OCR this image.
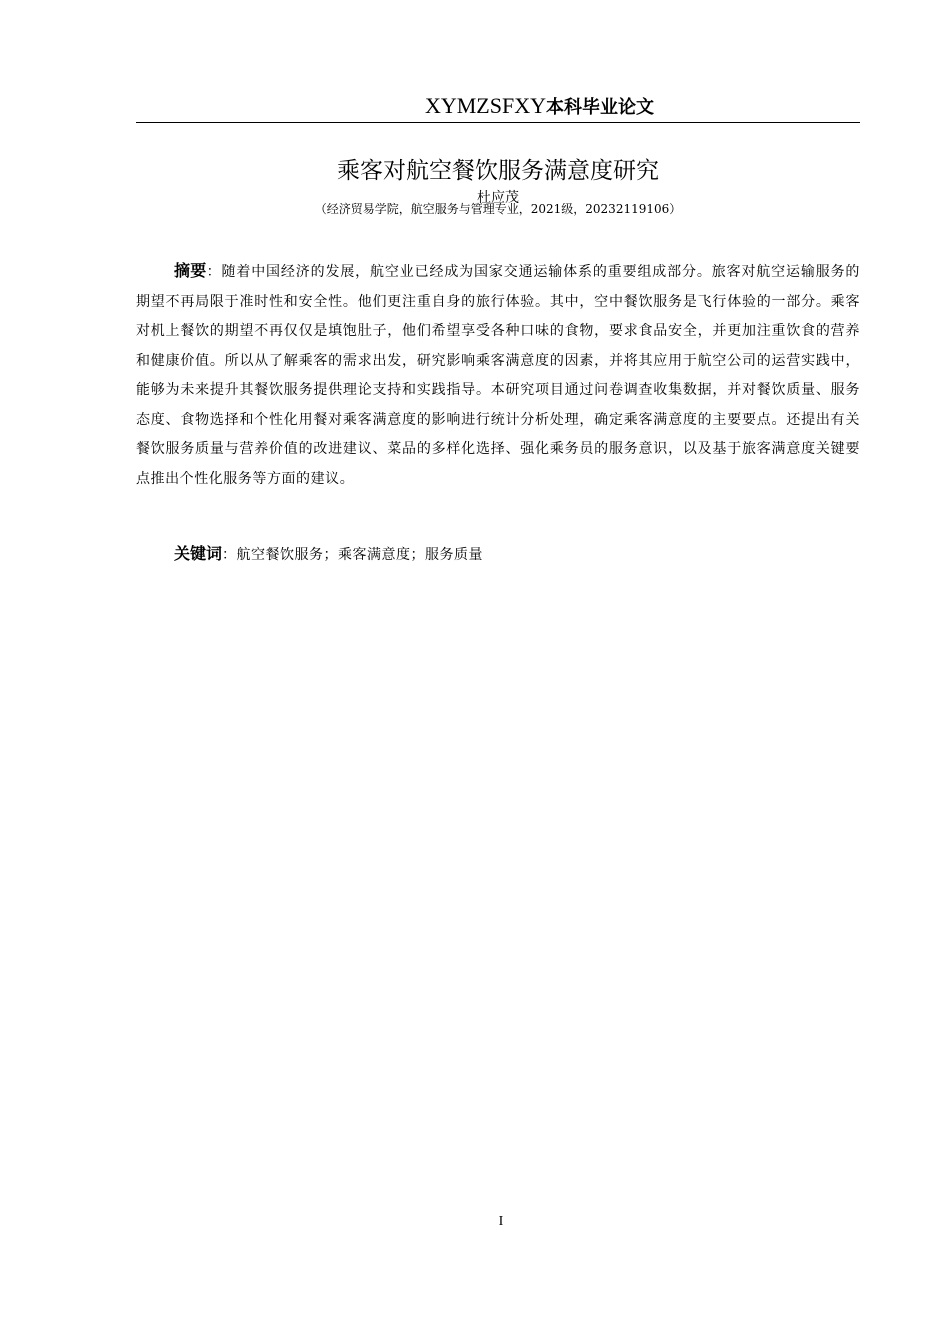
XYMZSFXY本科毕业论文
乘客对航空餐饮服务满意度研究
杜应茂
（经济贸易学院，航空服务与管理专业，2021级，20232119106）
摘要：随着中国经济的发展，航空业已经成为国家交通运输体系的重要组成部分。旅客对航空运输服务的期望不再局限于准时性和安全性。他们更注重自身的旅行体验。其中，空中餐饮服务是飞行体验的一部分。乘客对机上餐饮的期望不再仅仅是填饱肚子，他们希望享受各种口味的食物，要求食品安全，并更加注重饮食的营养和健康价值。所以从了解乘客的需求出发，研究影响乘客满意度的因素，并将其应用于航空公司的运营实践中，能够为未来提升其餐饮服务提供理论支持和实践指导。本研究项目通过问卷调查收集数据，并对餐饮质量、服务态度、食物选择和个性化用餐对乘客满意度的影响进行统计分析处理，确定乘客满意度的主要要点。还提出有关餐饮服务质量与营养价值的改进建议、菜品的多样化选择、强化乘务员的服务意识，以及基于旅客满意度关键要点推出个性化服务等方面的建议。
关键词：航空餐饮服务；乘客满意度；服务质量
I
